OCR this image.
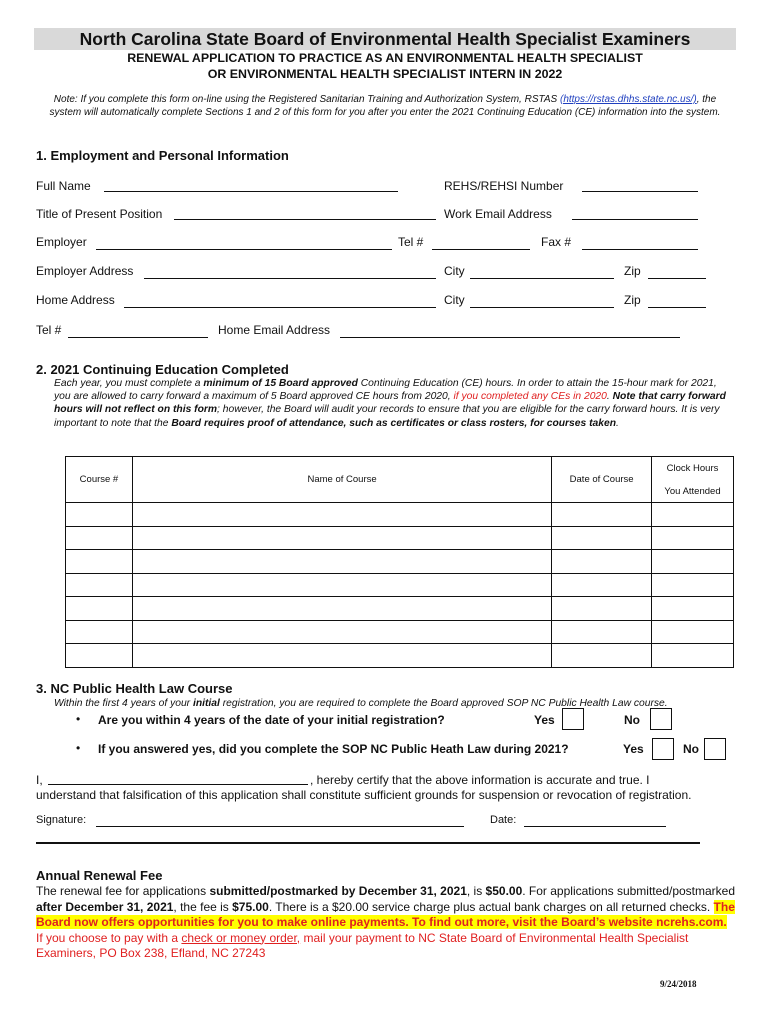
North Carolina State Board of Environmental Health Specialist Examiners
RENEWAL APPLICATION TO PRACTICE AS AN ENVIRONMENTAL HEALTH SPECIALIST
OR ENVIRONMENTAL HEALTH SPECIALIST INTERN IN 2022
Note: If you complete this form on-line using the Registered Sanitarian Training and Authorization System, RSTAS (https://rstas.dhhs.state.nc.us/), the system will automatically complete Sections 1 and 2 of this form for you after you enter the 2021 Continuing Education (CE) information into the system.
1. Employment and Personal Information
Full Name	REHS/REHSI Number
Title of Present Position	Work Email Address
Employer	Tel #	Fax #
Employer Address	City	Zip
Home Address	City	Zip
Tel #	Home Email Address
2. 2021 Continuing Education Completed
Each year, you must complete a minimum of 15 Board approved Continuing Education (CE) hours. In order to attain the 15-hour mark for 2021, you are allowed to carry forward a maximum of 5 Board approved CE hours from 2020, if you completed any CEs in 2020. Note that carry forward hours will not reflect on this form; however, the Board will audit your records to ensure that you are eligible for the carry forward hours. It is very important to note that the Board requires proof of attendance, such as certificates or class rosters, for courses taken.
Course #	Name of Course	Date of Course	Clock Hours
You Attended

3. NC Public Health Law Course
Within the first 4 years of your initial registration, you are required to complete the Board approved SOP NC Public Health Law course.
• Are you within 4 years of the date of your initial registration?	Yes	No
• If you answered yes, did you complete the SOP NC Public Heath Law during 2021?	Yes	No
I,	, hereby certify that the above information is accurate and true. I
understand that falsification of this application shall constitute sufficient grounds for suspension or revocation of registration.
Signature:	Date:
Annual Renewal Fee

The renewal fee for applications submitted/postmarked by December 31, 2021, is $50.00. For applications submitted/postmarked after December 31, 2021, the fee is $75.00. There is a $20.00 service charge plus actual bank charges on all returned checks. The Board now offers opportunities for you to make online payments. To find out more, visit the Board’s website ncrehs.com. If you choose to pay with a check or money order, mail your payment to NC State Board of Environmental Health Specialist Examiners, PO Box 238, Efland, NC 27243

9/24/2018
